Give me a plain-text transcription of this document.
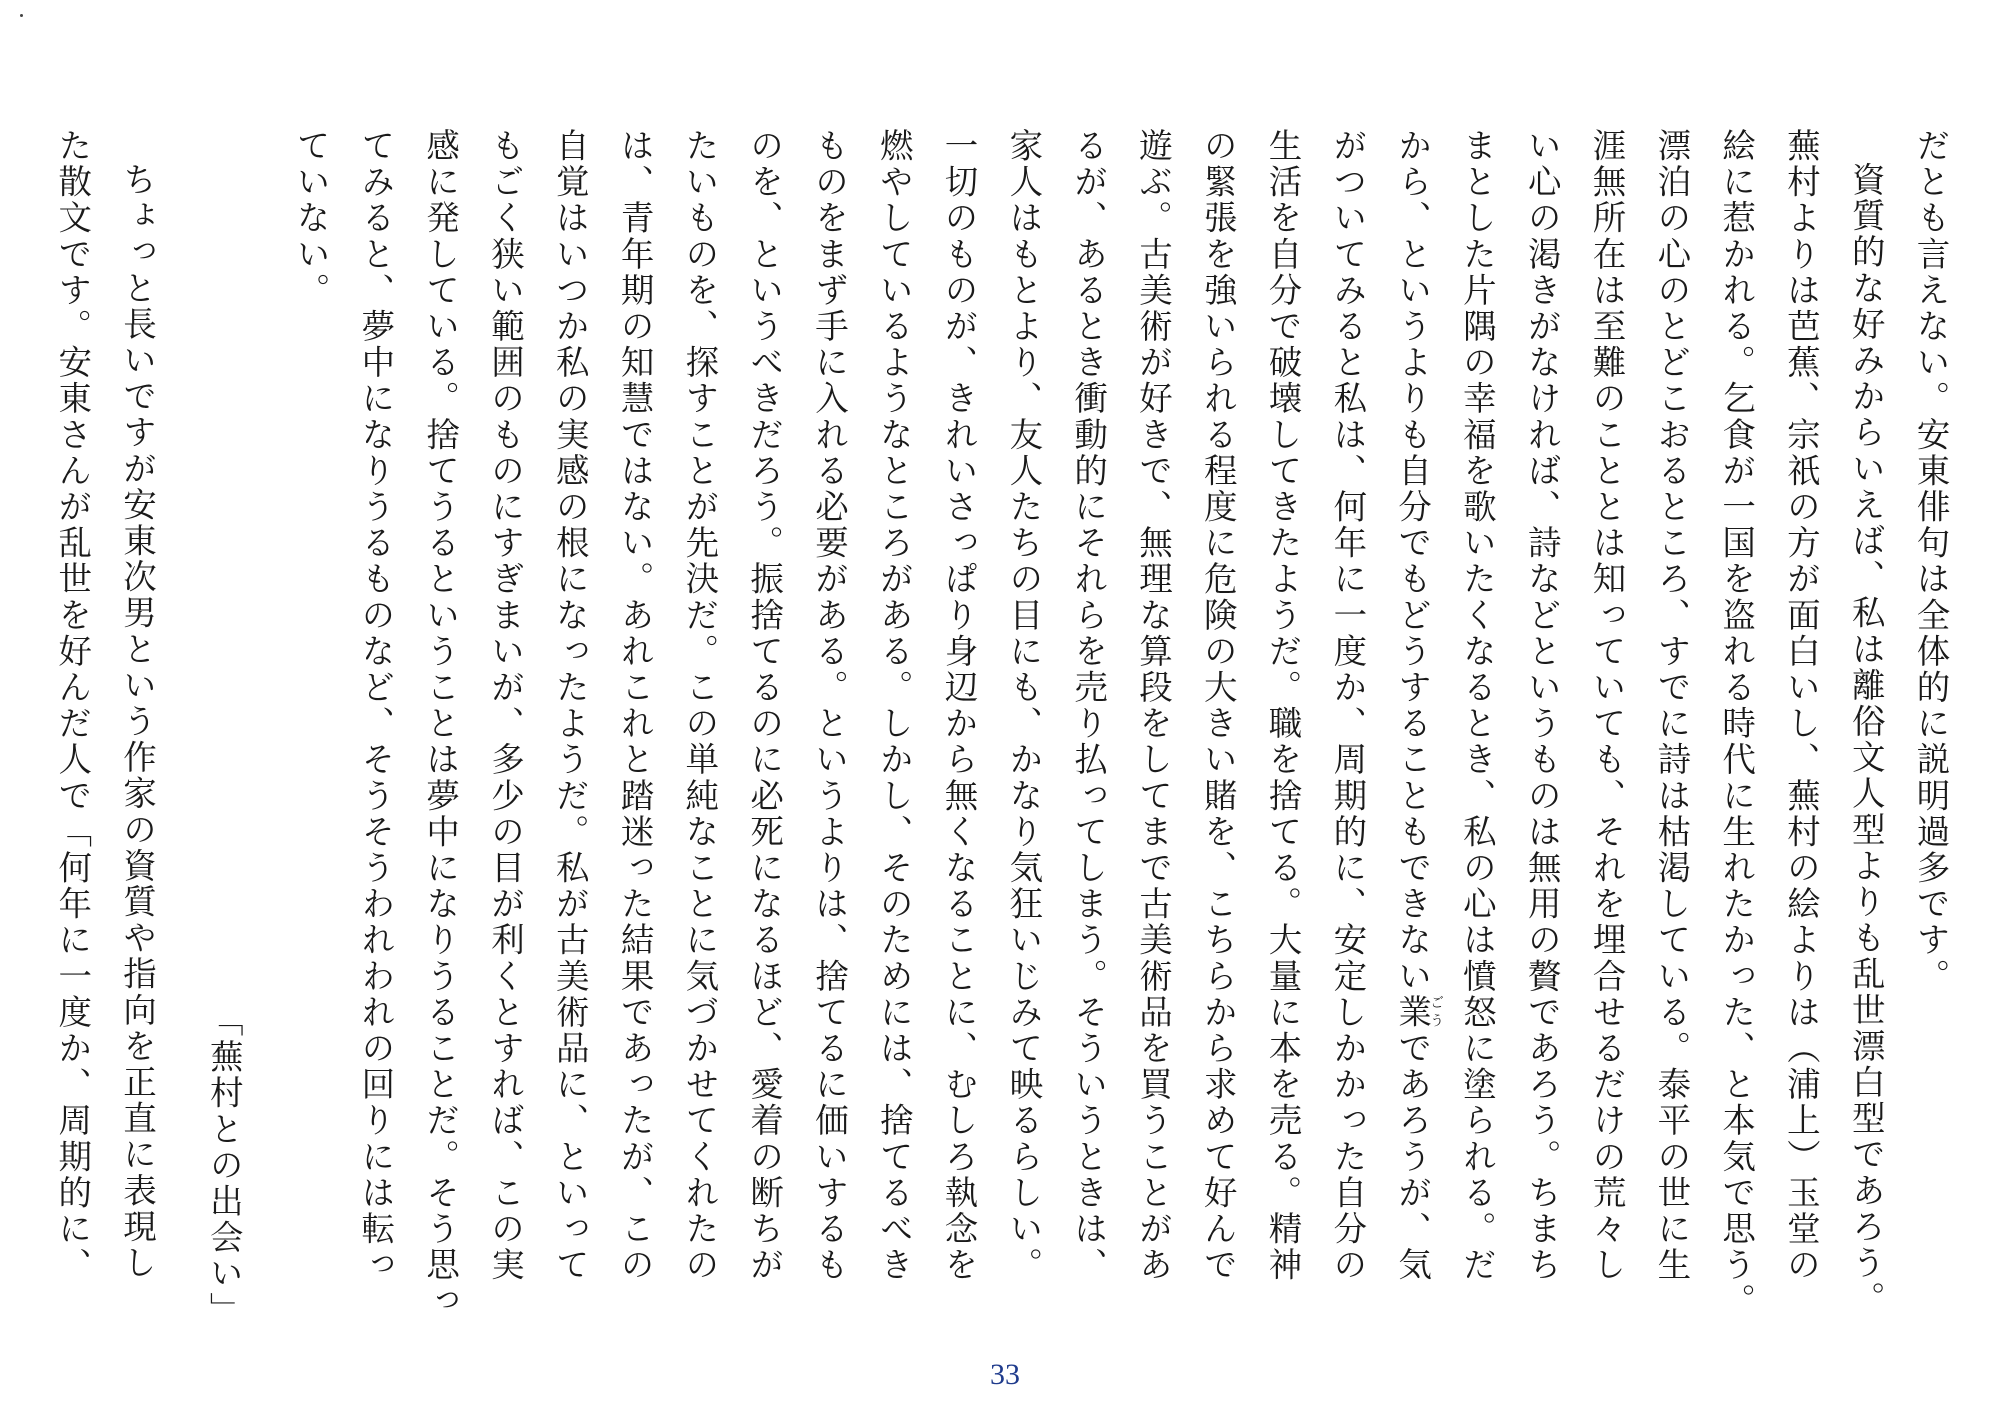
だとも言えない。安東俳句は全体的に説明過多です。
資質的な好みからいえば、私は離俗文人型よりも乱世漂白型であろう。
蕪村よりは芭蕉、宗祇の方が面白いし、蕪村の絵よりは（浦上）玉堂の
絵に惹かれる。乞食が一国を盗れる時代に生れたかった、と本気で思う。
漂泊の心のとどこおるところ、すでに詩は枯渇している。泰平の世に生
涯無所在は至難のこととは知っていても、それを埋合せるだけの荒々し
い心の渇きがなければ、詩などというものは無用の贅であろう。ちまち
まとした片隅の幸福を歌いたくなるとき、私の心は憤怒に塗られる。だ
から、というよりも自分でもどうすることもできない業ごうであろうが、気
がついてみると私は、何年に一度か、周期的に、安定しかかった自分の
生活を自分で破壊してきたようだ。職を捨てる。大量に本を売る。精神
の緊張を強いられる程度に危険の大きい賭を、こちらから求めて好んで
遊ぶ。古美術が好きで、無理な算段をしてまで古美術品を買うことがあ
るが、あるとき衝動的にそれらを売り払ってしまう。そういうときは、
家人はもとより、友人たちの目にも、かなり気狂いじみて映るらしい。
一切のものが、きれいさっぱり身辺から無くなることに、むしろ執念を
燃やしているようなところがある。しかし、そのためには、捨てるべき
ものをまず手に入れる必要がある。というよりは、捨てるに価いするも
のを、というべきだろう。振捨てるのに必死になるほど、愛着の断ちが
たいものを、探すことが先決だ。この単純なことに気づかせてくれたの
は、青年期の知慧ではない。あれこれと踏迷った結果であったが、この
自覚はいつか私の実感の根になったようだ。私が古美術品に、といって
もごく狭い範囲のものにすぎまいが、多少の目が利くとすれば、この実
感に発している。捨てうるということは夢中になりうることだ。そう思っ
てみると、夢中になりうるものなど、そうそうわれわれの回りには転っ
ていない。
「蕪村との出会い」
ちょっと長いですが安東次男という作家の資質や指向を正直に表現し
た散文です。安東さんが乱世を好んだ人で「何年に一度か、周期的に、
33
